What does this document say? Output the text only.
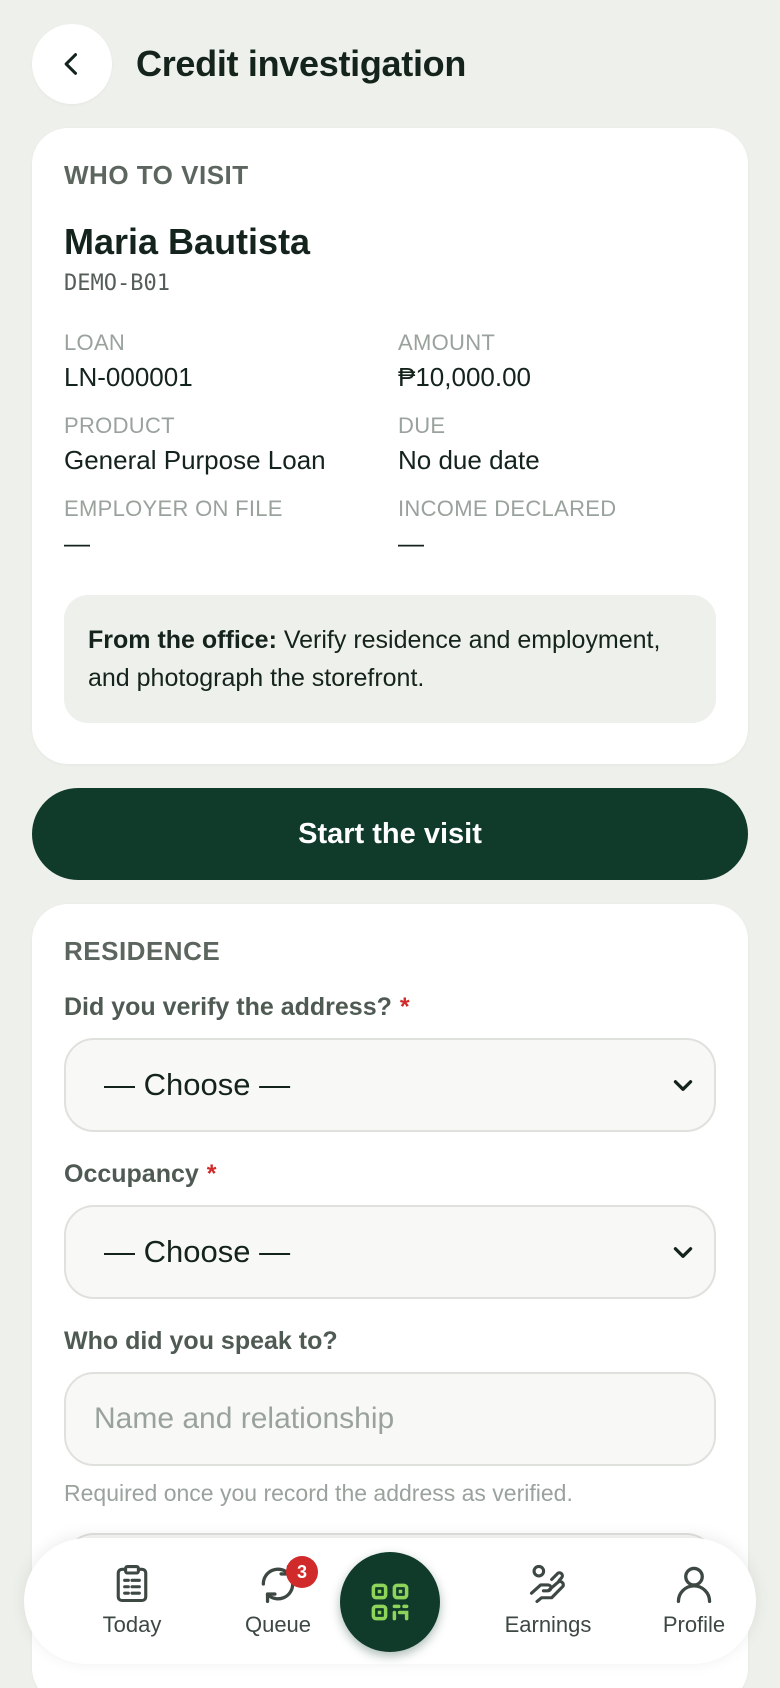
Credit investigation
WHO TO VISIT
Maria Bautista
DEMO-B01
LOAN
LN-000001
AMOUNT
₱10,000.00
PRODUCT
General Purpose Loan
DUE
No due date
EMPLOYER ON FILE
—
INCOME DECLARED
—
From the office: Verify residence and employment, and photograph the storefront.
Start the visit
RESIDENCE
Did you verify the address? *
— Choose —
Occupancy *
— Choose —
Who did you speak to?
Name and relationship
Required once you record the address as verified.
Today
3
Queue	Earnings	Profile
